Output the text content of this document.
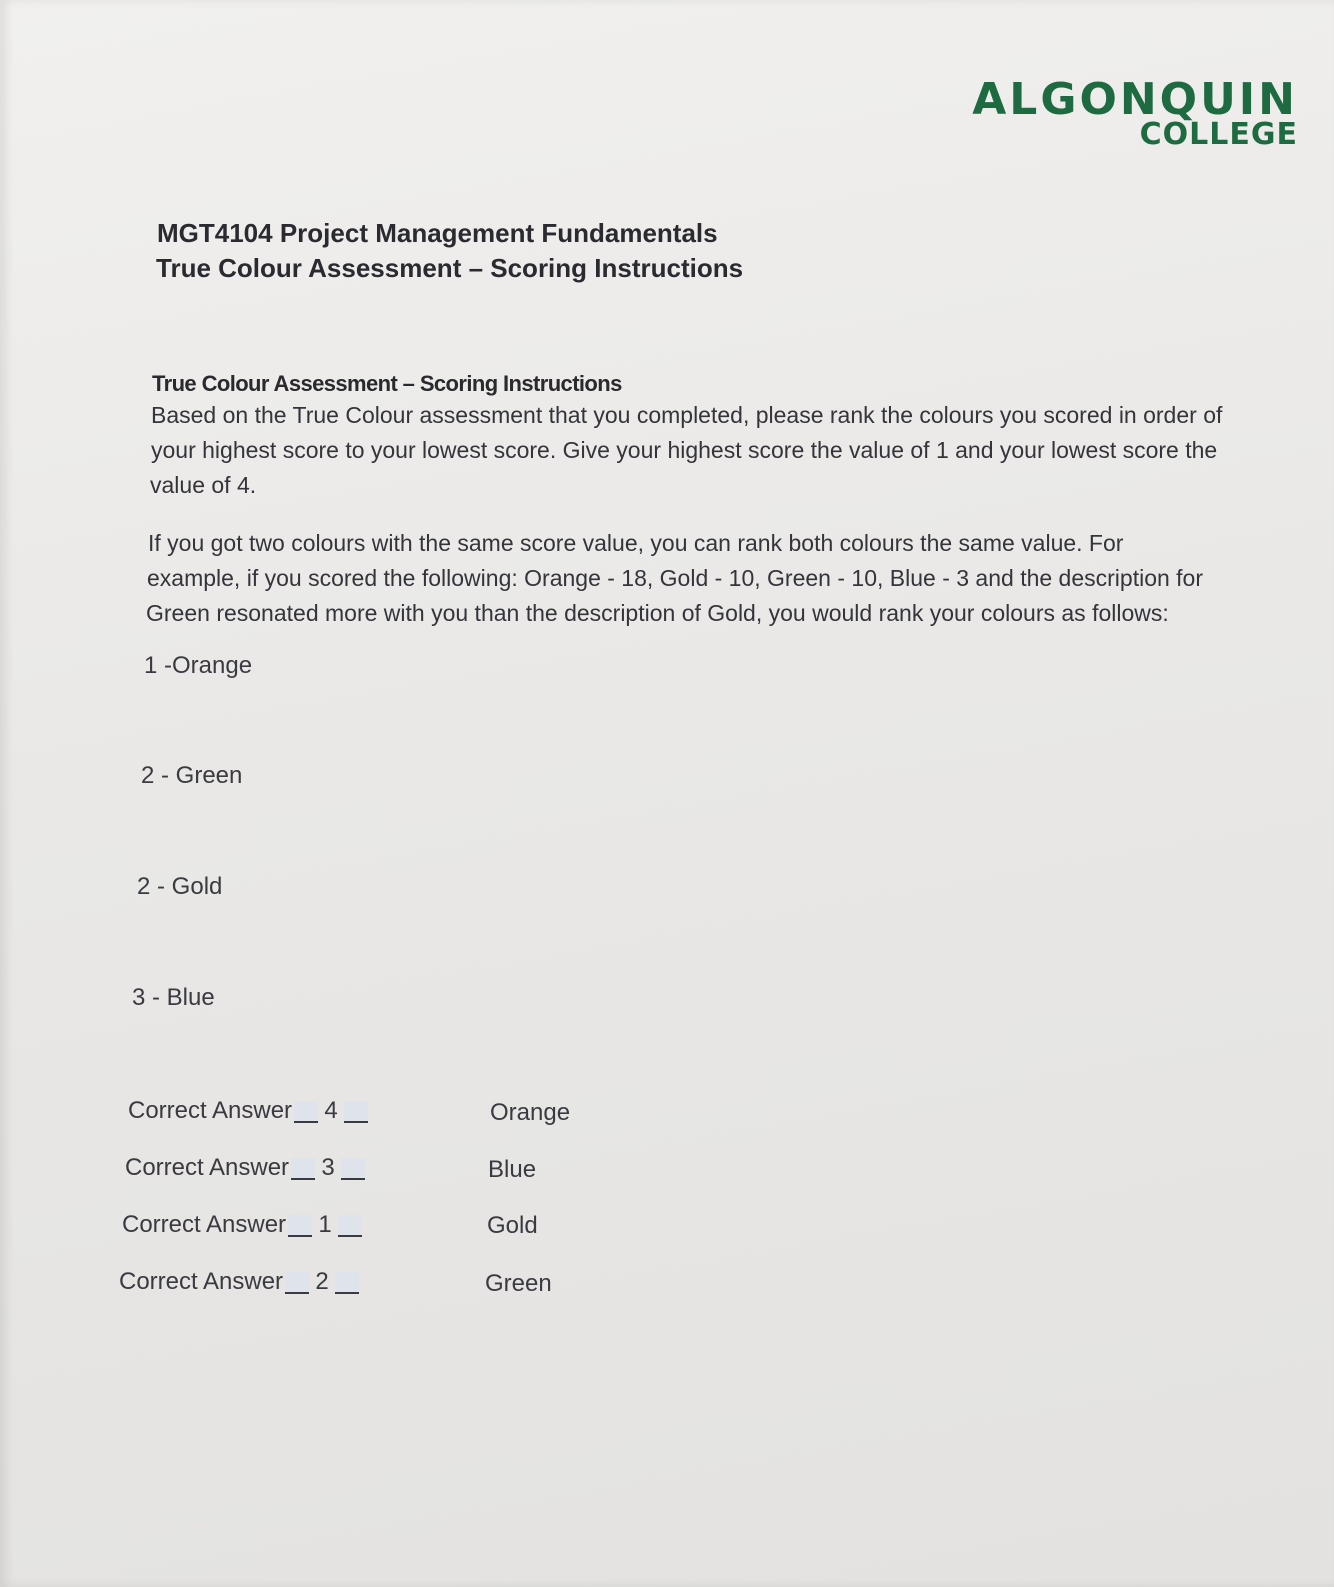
ALGONQUIN
COLLEGE
MGT4104 Project Management Fundamentals
True Colour Assessment – Scoring Instructions
True Colour Assessment – Scoring Instructions
Based on the True Colour assessment that you completed, please rank the colours you scored in order of
your highest score to your lowest score. Give your highest score the value of 1 and your lowest score the
value of 4.
If you got two colours with the same score value, you can rank both colours the same value. For
example, if you scored the following: Orange - 18, Gold - 10, Green - 10, Blue - 3 and the description for
Green resonated more with you than the description of Gold, you would rank your colours as follows:
1 -Orange
2 - Green
2 - Gold
3 - Blue
Correct Answer 4	Orange
Correct Answer 3	Blue
Correct Answer 1	Gold
Correct Answer 2	Green
